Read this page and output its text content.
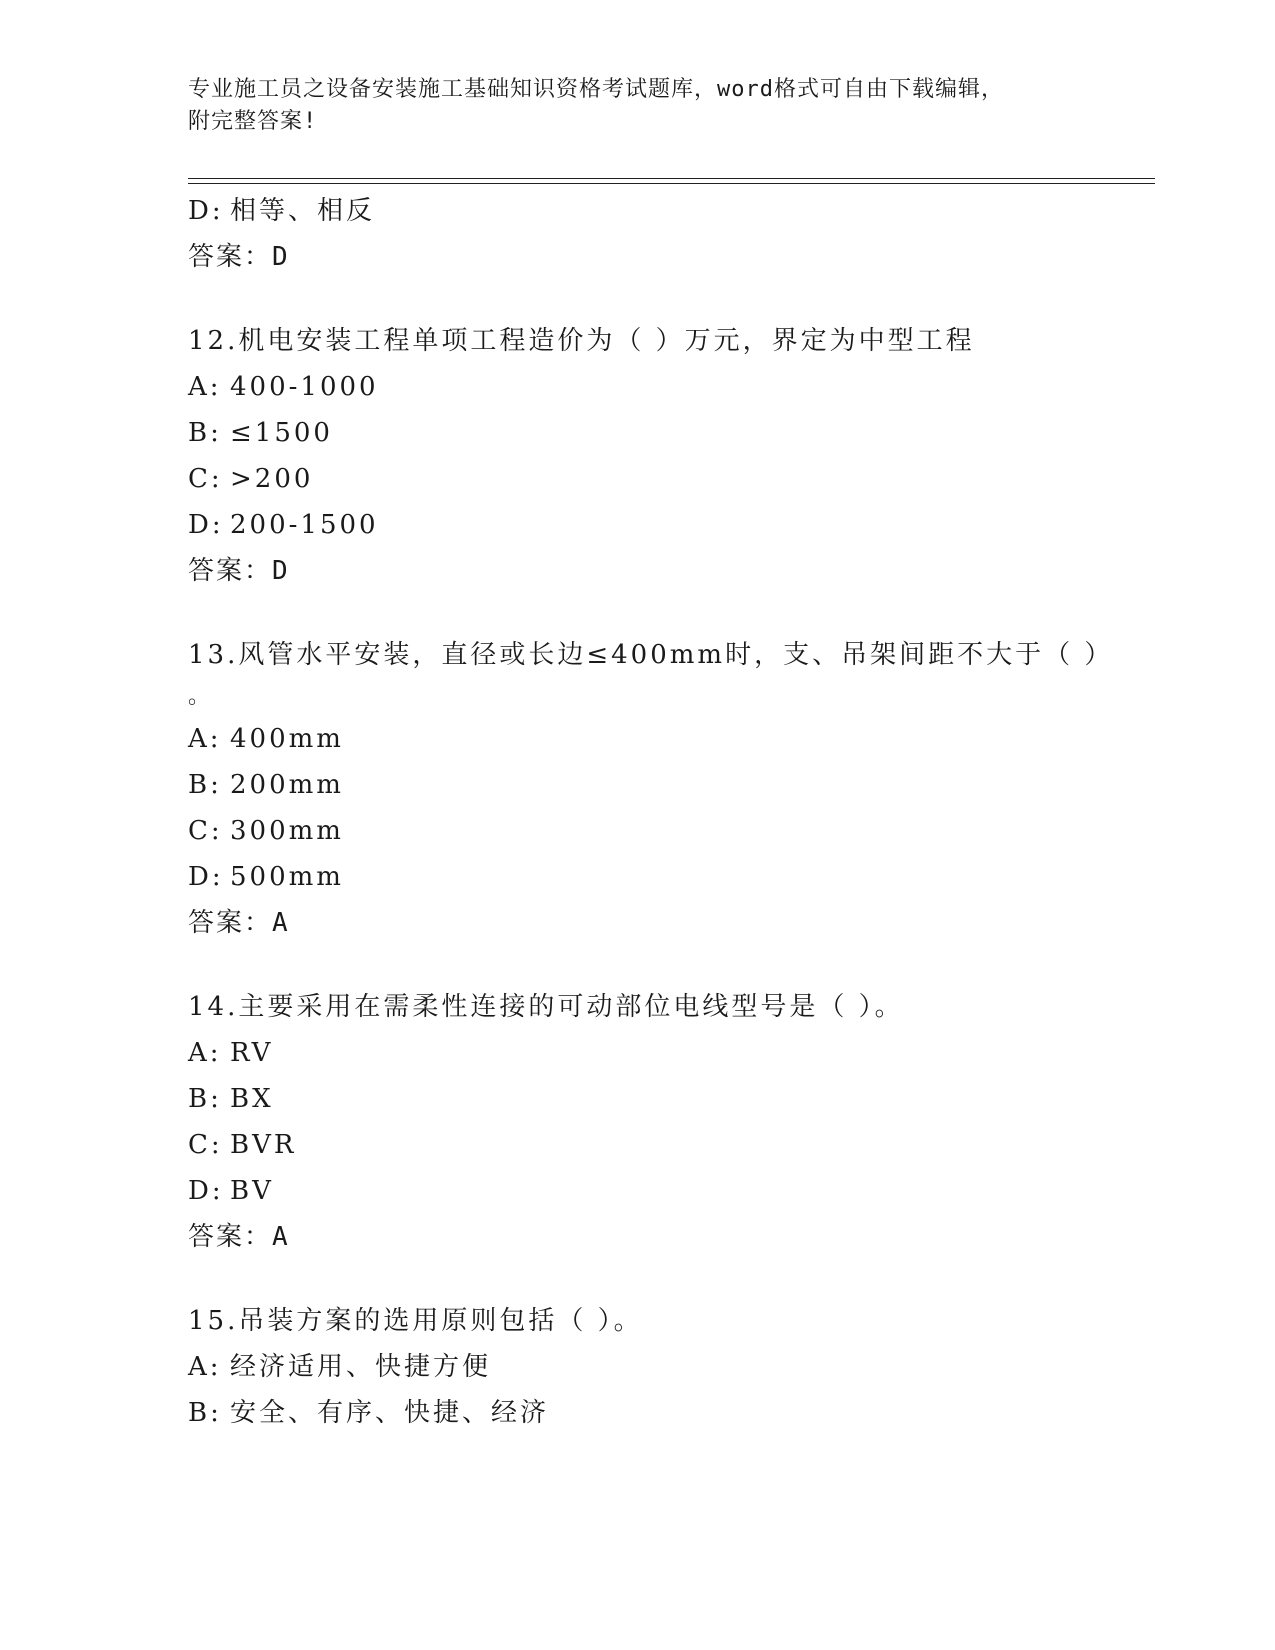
专业施工员之设备安装施工基础知识资格考试题库，word格式可自由下载编辑，
附完整答案!
D: 相等、相反
答案：D
12.机电安装工程单项工程造价为（ ）万元，界定为中型工程
A: 400-1000
B: ≤1500
C: >200
D: 200-1500
答案：D
13.风管水平安装，直径或长边≤400mm时，支、吊架间距不大于（ ）
。
A: 400mm
B: 200mm
C: 300mm
D: 500mm
答案：A
14.主要采用在需柔性连接的可动部位电线型号是（ ）。
A: RV
B: BX
C: BVR
D: BV
答案：A
15.吊装方案的选用原则包括（ ）。
A: 经济适用、快捷方便
B: 安全、有序、快捷、经济
